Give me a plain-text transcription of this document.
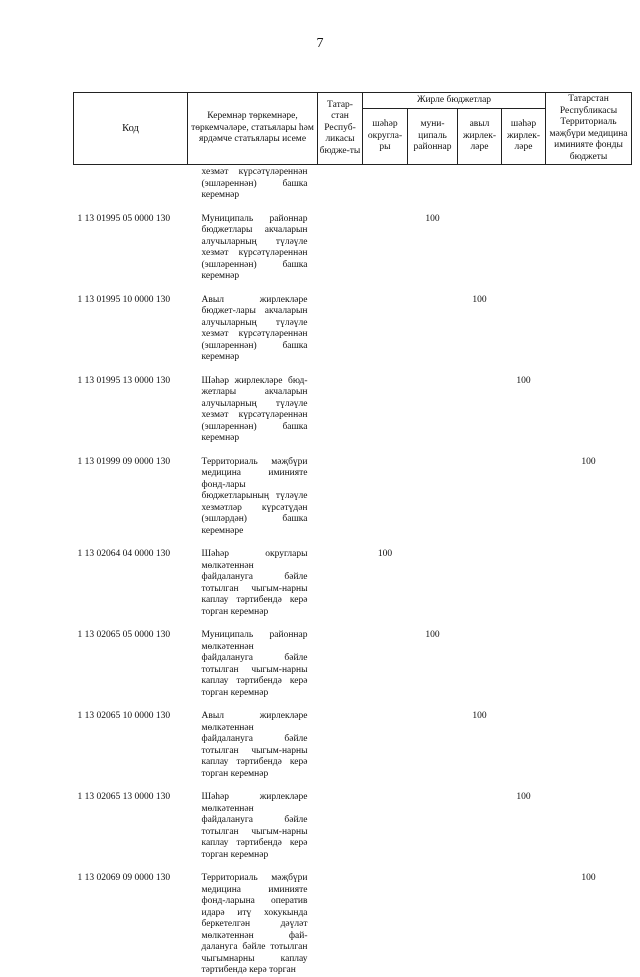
7
Код	Керемнәр төркемнәре, төркемчәләре, статьялары һәм ярдәмче статьялары исеме	Татар-стан Респуб-ликасы бюдже-ты	Жирле бюджетлар				Татарстан Республикасы Территориаль мәҗбүри медицина иминияте фонды бюджеты
			шәһәр округла-ры	муни-ципаль районнар	авыл жирлек-ләре	шәһәр жирлек-ләре	

	хезмәт күрсәтүләреннән (эшләреннән) башка керемнәр						

1 13 01995 05 0000 130	Муниципаль районнар бюджетлары акчаларын алучыларның түләүле хезмәт күрсәтүләреннән (эшләреннән) башка керемнәр			100			
1 13 01995 10 0000 130	Авыл жирлекләре бюджет-лары акчаларын алучыларның түләүле хезмәт күрсәтүләреннән (эшләреннән) башка керемнәр				100		
1 13 01995 13 0000 130	Шәһәр жирлекләре бюд-жетлары акчаларын алучыларның түләүле хезмәт күрсәтүләреннән (эшләреннән) башка керемнәр					100	
1 13 01999 09 0000 130	Территориаль мәҗбүри медицина иминияте фонд-лары бюджетларының түләүле хезмәтләр күрсәтүдән (эшләрдән) башка керемнәре						100
1 13 02064 04 0000 130	Шәһәр округлары мөлкәтеннән файдалануга бәйле тотылган чыгым-нарны каплау тәртибендә керә торган керемнәр		100				
1 13 02065 05 0000 130	Муниципаль районнар мөлкәтеннән файдалануга бәйле тотылган чыгым-нарны каплау тәртибендә керә торган керемнәр			100			
1 13 02065 10 0000 130	Авыл жирлекләре мөлкәтеннән файдалануга бәйле тотылган чыгым-нарны каплау тәртибендә керә торган керемнәр				100		
1 13 02065 13 0000 130	Шәһәр жирлекләре мөлкәтеннән файдалануга бәйле тотылган чыгым-нарны каплау тәртибендә керә торган керемнәр					100	
1 13 02069 09 0000 130	Территориаль мәҗбүри медицина иминияте фонд-ларына оператив идарә итү хокукында беркетелгән дәүләт мөлкәтеннән фай-далануга бәйле тотылган чыгымнарны каплау тәртибендә керә торган						100
